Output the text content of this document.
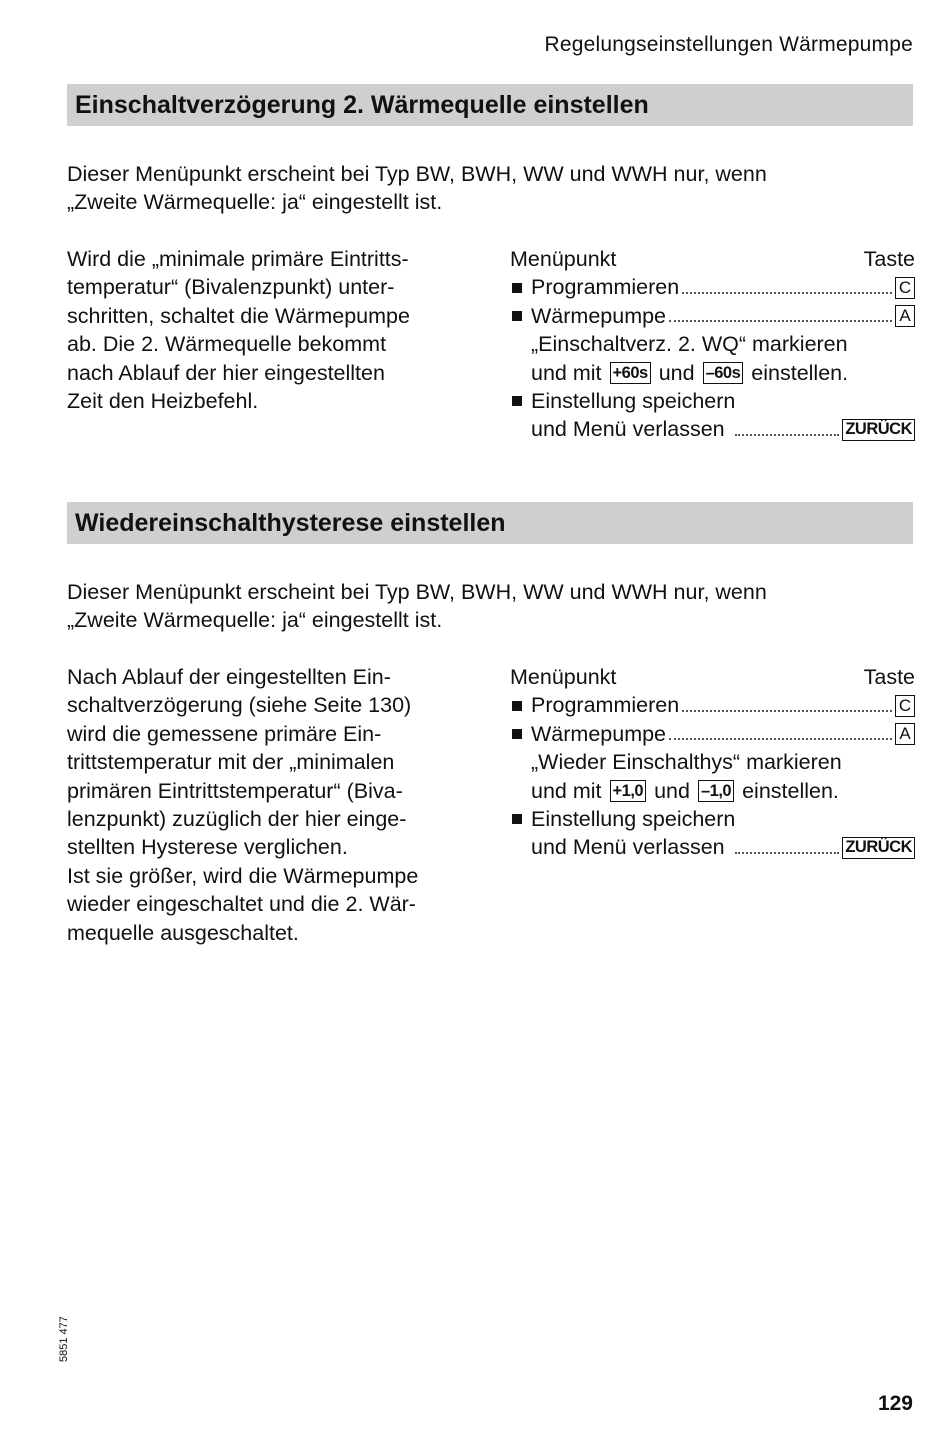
Regelungseinstellungen Wärmepumpe
Einschaltverzögerung 2. Wärmequelle einstellen
Dieser Menüpunkt erscheint bei Typ BW, BWH, WW und WWH nur, wenn
„Zweite Wärmequelle: ja“ eingestellt ist.
Wird die „minimale primäre Eintritts-
temperatur“ (Bivalenzpunkt) unter-
schritten, schaltet die Wärmepumpe
ab. Die 2. Wärmequelle bekommt
nach Ablauf der hier eingestellten
Zeit den Heizbefehl.
Menüpunkt	Taste
Programmieren	C
Wärmepumpe	A
„Einschaltverz. 2. WQ“ markieren
und mit +60s und –60s einstellen.
Einstellung speichern
und Menü verlassen	ZURÜCK
Wiedereinschalthysterese einstellen
Dieser Menüpunkt erscheint bei Typ BW, BWH, WW und WWH nur, wenn
„Zweite Wärmequelle: ja“ eingestellt ist.
Nach Ablauf der eingestellten Ein-
schaltverzögerung (siehe Seite 130)
wird die gemessene primäre Ein-
trittstemperatur mit der „minimalen
primären Eintrittstemperatur“ (Biva-
lenzpunkt) zuzüglich der hier einge-
stellten Hysterese verglichen.
Ist sie größer, wird die Wärmepumpe
wieder eingeschaltet und die 2. Wär-
mequelle ausgeschaltet.
Menüpunkt	Taste
Programmieren	C
Wärmepumpe	A
„Wieder Einschalthys“ markieren
und mit +1,0 und –1,0 einstellen.
Einstellung speichern
und Menü verlassen	ZURÜCK
5851 477
129
